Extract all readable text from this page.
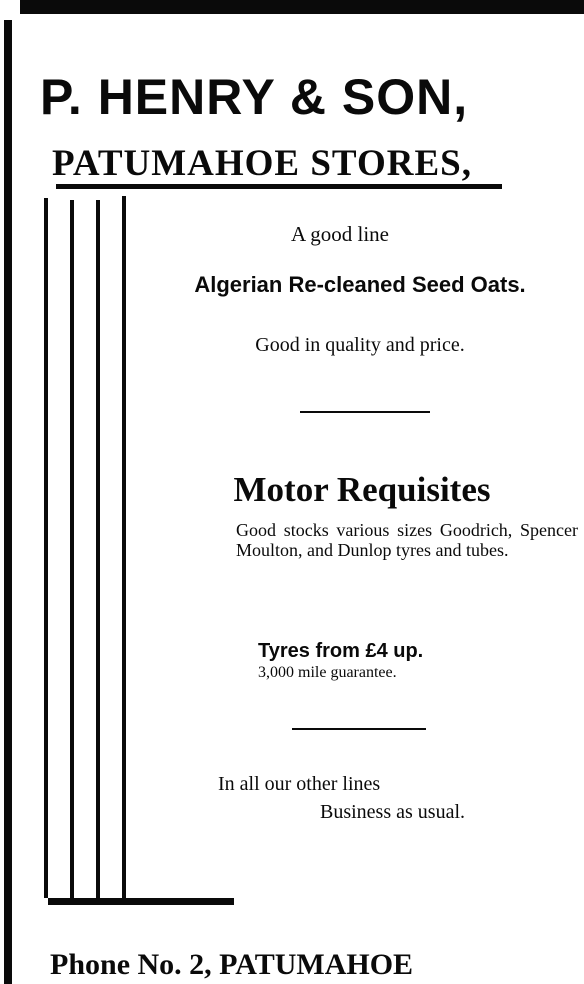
P. HENRY & SON,
PATUMAHOE STORES,
A good line
Algerian Re-cleaned Seed Oats.
Good in quality and price.
Motor Requisites
Good stocks various sizes Goodrich, Spencer Moulton, and Dunlop tyres and tubes.
Tyres from £4 up.
3,000 mile guarantee.
In all our other lines
Business as usual.
Phone No. 2, PATUMAHOE
